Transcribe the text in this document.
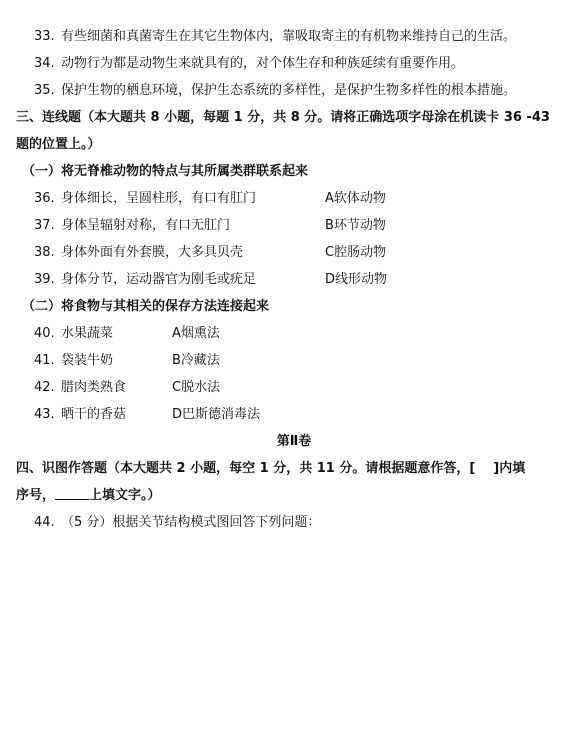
33. 有些细菌和真菌寄生在其它生物体内，靠吸取寄主的有机物来维持自己的生活。
34. 动物行为都是动物生来就具有的，对个体生存和种族延续有重要作用。
35. 保护生物的栖息环境，保护生态系统的多样性，是保护生物多样性的根本措施。
三、连线题（本大题共 8 小题，每题 1 分，共 8 分。请将正确选项字母涂在机读卡 36 -43
题的位置上。）
（一）将无脊椎动物的特点与其所属类群联系起来
36. 身体细长，呈圆柱形，有口有肛门	A软体动物
37. 身体呈辐射对称，有口无肛门	B环节动物
38. 身体外面有外套膜，大多具贝壳	C腔肠动物
39. 身体分节，运动器官为刚毛或疣足	D线形动物
（二）将食物与其相关的保存方法连接起来
40. 水果蔬菜	A烟熏法
41. 袋装牛奶	B冷藏法
42. 腊肉类熟食	C脱水法
43. 晒干的香菇	D巴斯德消毒法
第Ⅱ卷
四、识图作答题（本大题共 2 小题，每空 1 分，共 11 分。请根据题意作答，[ ]内填
序号，	上填文字。）
44. （5 分）根据关节结构模式图回答下列问题：
